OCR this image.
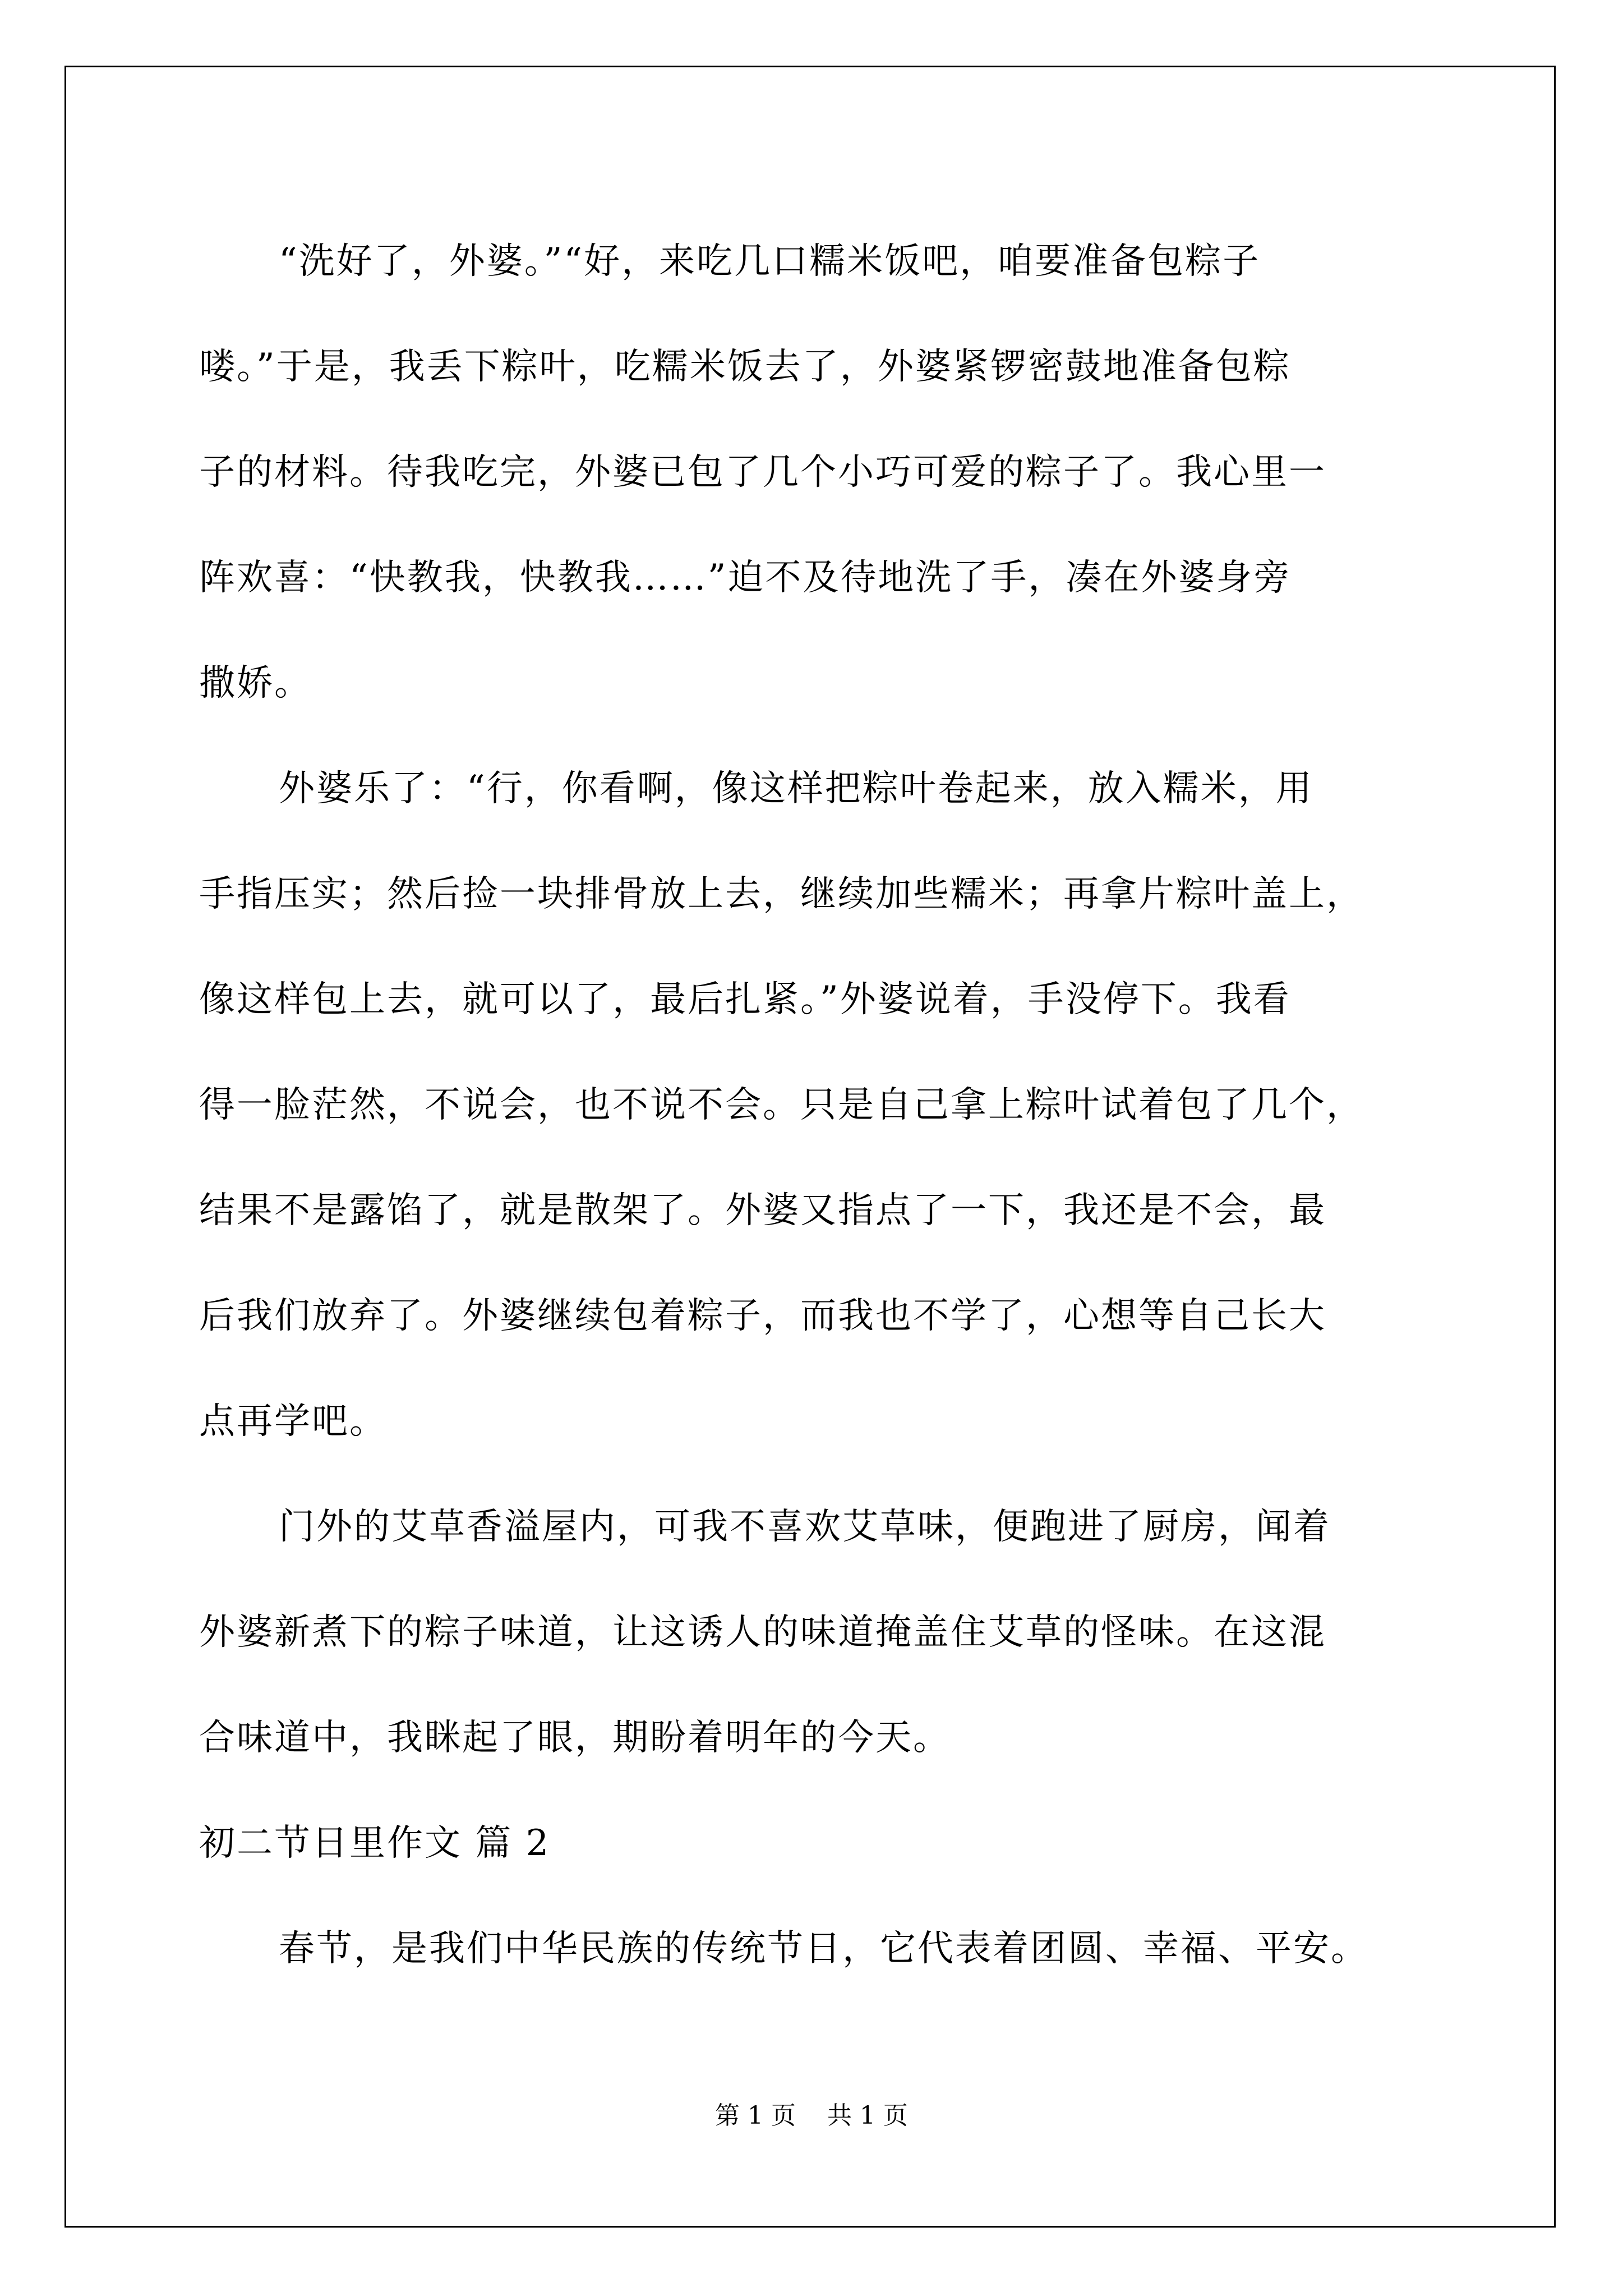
“洗好了，外婆。”“好，来吃几口糯米饭吧，咱要准备包粽子
喽。”于是，我丢下粽叶，吃糯米饭去了，外婆紧锣密鼓地准备包粽
子的材料。待我吃完，外婆已包了几个小巧可爱的粽子了。我心里一
阵欢喜：“快教我，快教我……”迫不及待地洗了手，凑在外婆身旁
撒娇。
外婆乐了：“行，你看啊，像这样把粽叶卷起来，放入糯米，用
手指压实；然后捡一块排骨放上去，继续加些糯米；再拿片粽叶盖上，
像这样包上去，就可以了，最后扎紧。”外婆说着，手没停下。我看
得一脸茫然，不说会，也不说不会。只是自己拿上粽叶试着包了几个，
结果不是露馅了，就是散架了。外婆又指点了一下，我还是不会，最
后我们放弃了。外婆继续包着粽子，而我也不学了，心想等自己长大
点再学吧。
门外的艾草香溢屋内，可我不喜欢艾草味，便跑进了厨房，闻着
外婆新煮下的粽子味道，让这诱人的味道掩盖住艾草的怪味。在这混
合味道中，我眯起了眼，期盼着明年的今天。
初二节日里作文 篇 2
春节，是我们中华民族的传统节日，它代表着团圆、幸福、平安。
第 1 页    共 1 页
